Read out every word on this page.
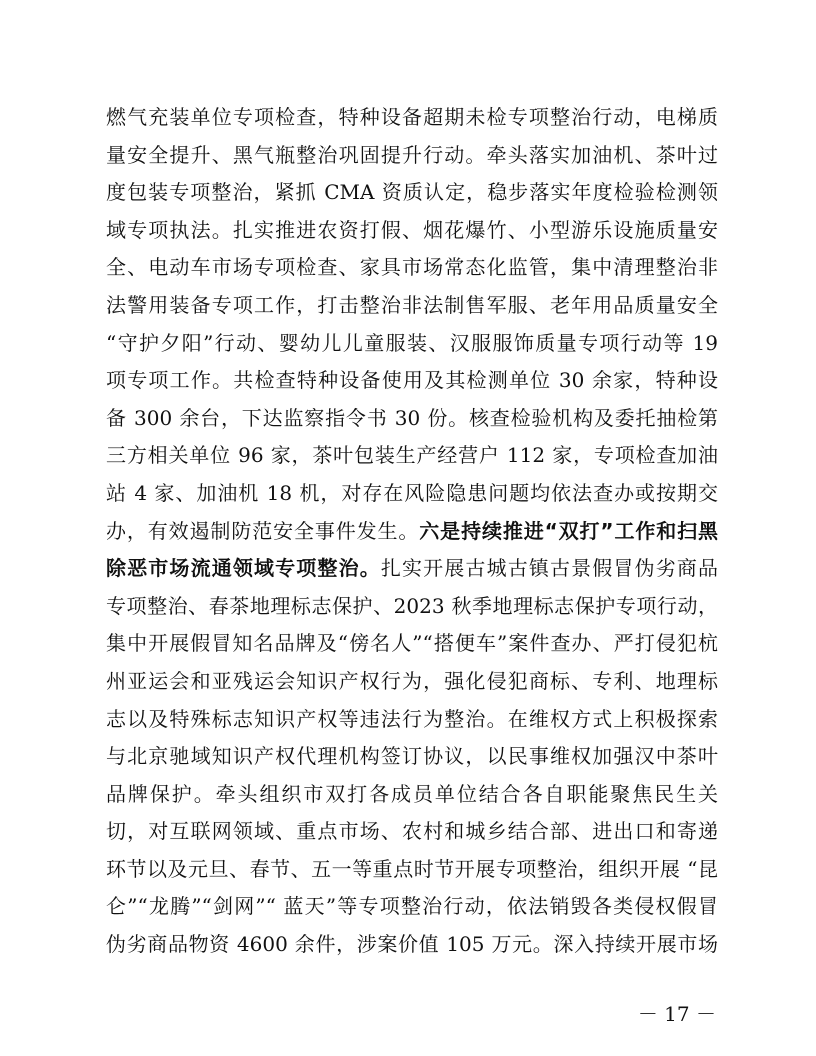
燃气充装单位专项检查，特种设备超期未检专项整治行动，电梯质
量安全提升、黑气瓶整治巩固提升行动。牵头落实加油机、茶叶过
度包装专项整治，紧抓 CMA 资质认定，稳步落实年度检验检测领
域专项执法。扎实推进农资打假、烟花爆竹、小型游乐设施质量安
全、电动车市场专项检查、家具市场常态化监管，集中清理整治非
法警用装备专项工作，打击整治非法制售军服、老年用品质量安全
“守护夕阳”行动、婴幼儿儿童服装、汉服服饰质量专项行动等 19
项专项工作。共检查特种设备使用及其检测单位 30 余家，特种设
备 300 余台，下达监察指令书 30 份。核查检验机构及委托抽检第
三方相关单位 96 家，茶叶包装生产经营户 112 家，专项检查加油
站 4 家、加油机 18 机，对存在风险隐患问题均依法查办或按期交
办，有效遏制防范安全事件发生。六是持续推进“双打”工作和扫黑
除恶市场流通领域专项整治。扎实开展古城古镇古景假冒伪劣商品
专项整治、春茶地理标志保护、2023 秋季地理标志保护专项行动，
集中开展假冒知名品牌及“傍名人”“搭便车”案件查办、严打侵犯杭
州亚运会和亚残运会知识产权行为，强化侵犯商标、专利、地理标
志以及特殊标志知识产权等违法行为整治。在维权方式上积极探索
与北京驰域知识产权代理机构签订协议，以民事维权加强汉中茶叶
品牌保护。牵头组织市双打各成员单位结合各自职能聚焦民生关
切，对互联网领域、重点市场、农村和城乡结合部、进出口和寄递
环节以及元旦、春节、五一等重点时节开展专项整治，组织开展 “昆
仑”“龙腾”“剑网”“ 蓝天”等专项整治行动，依法销毁各类侵权假冒
伪劣商品物资 4600 余件，涉案价值 105 万元。深入持续开展市场
－ 17 －
